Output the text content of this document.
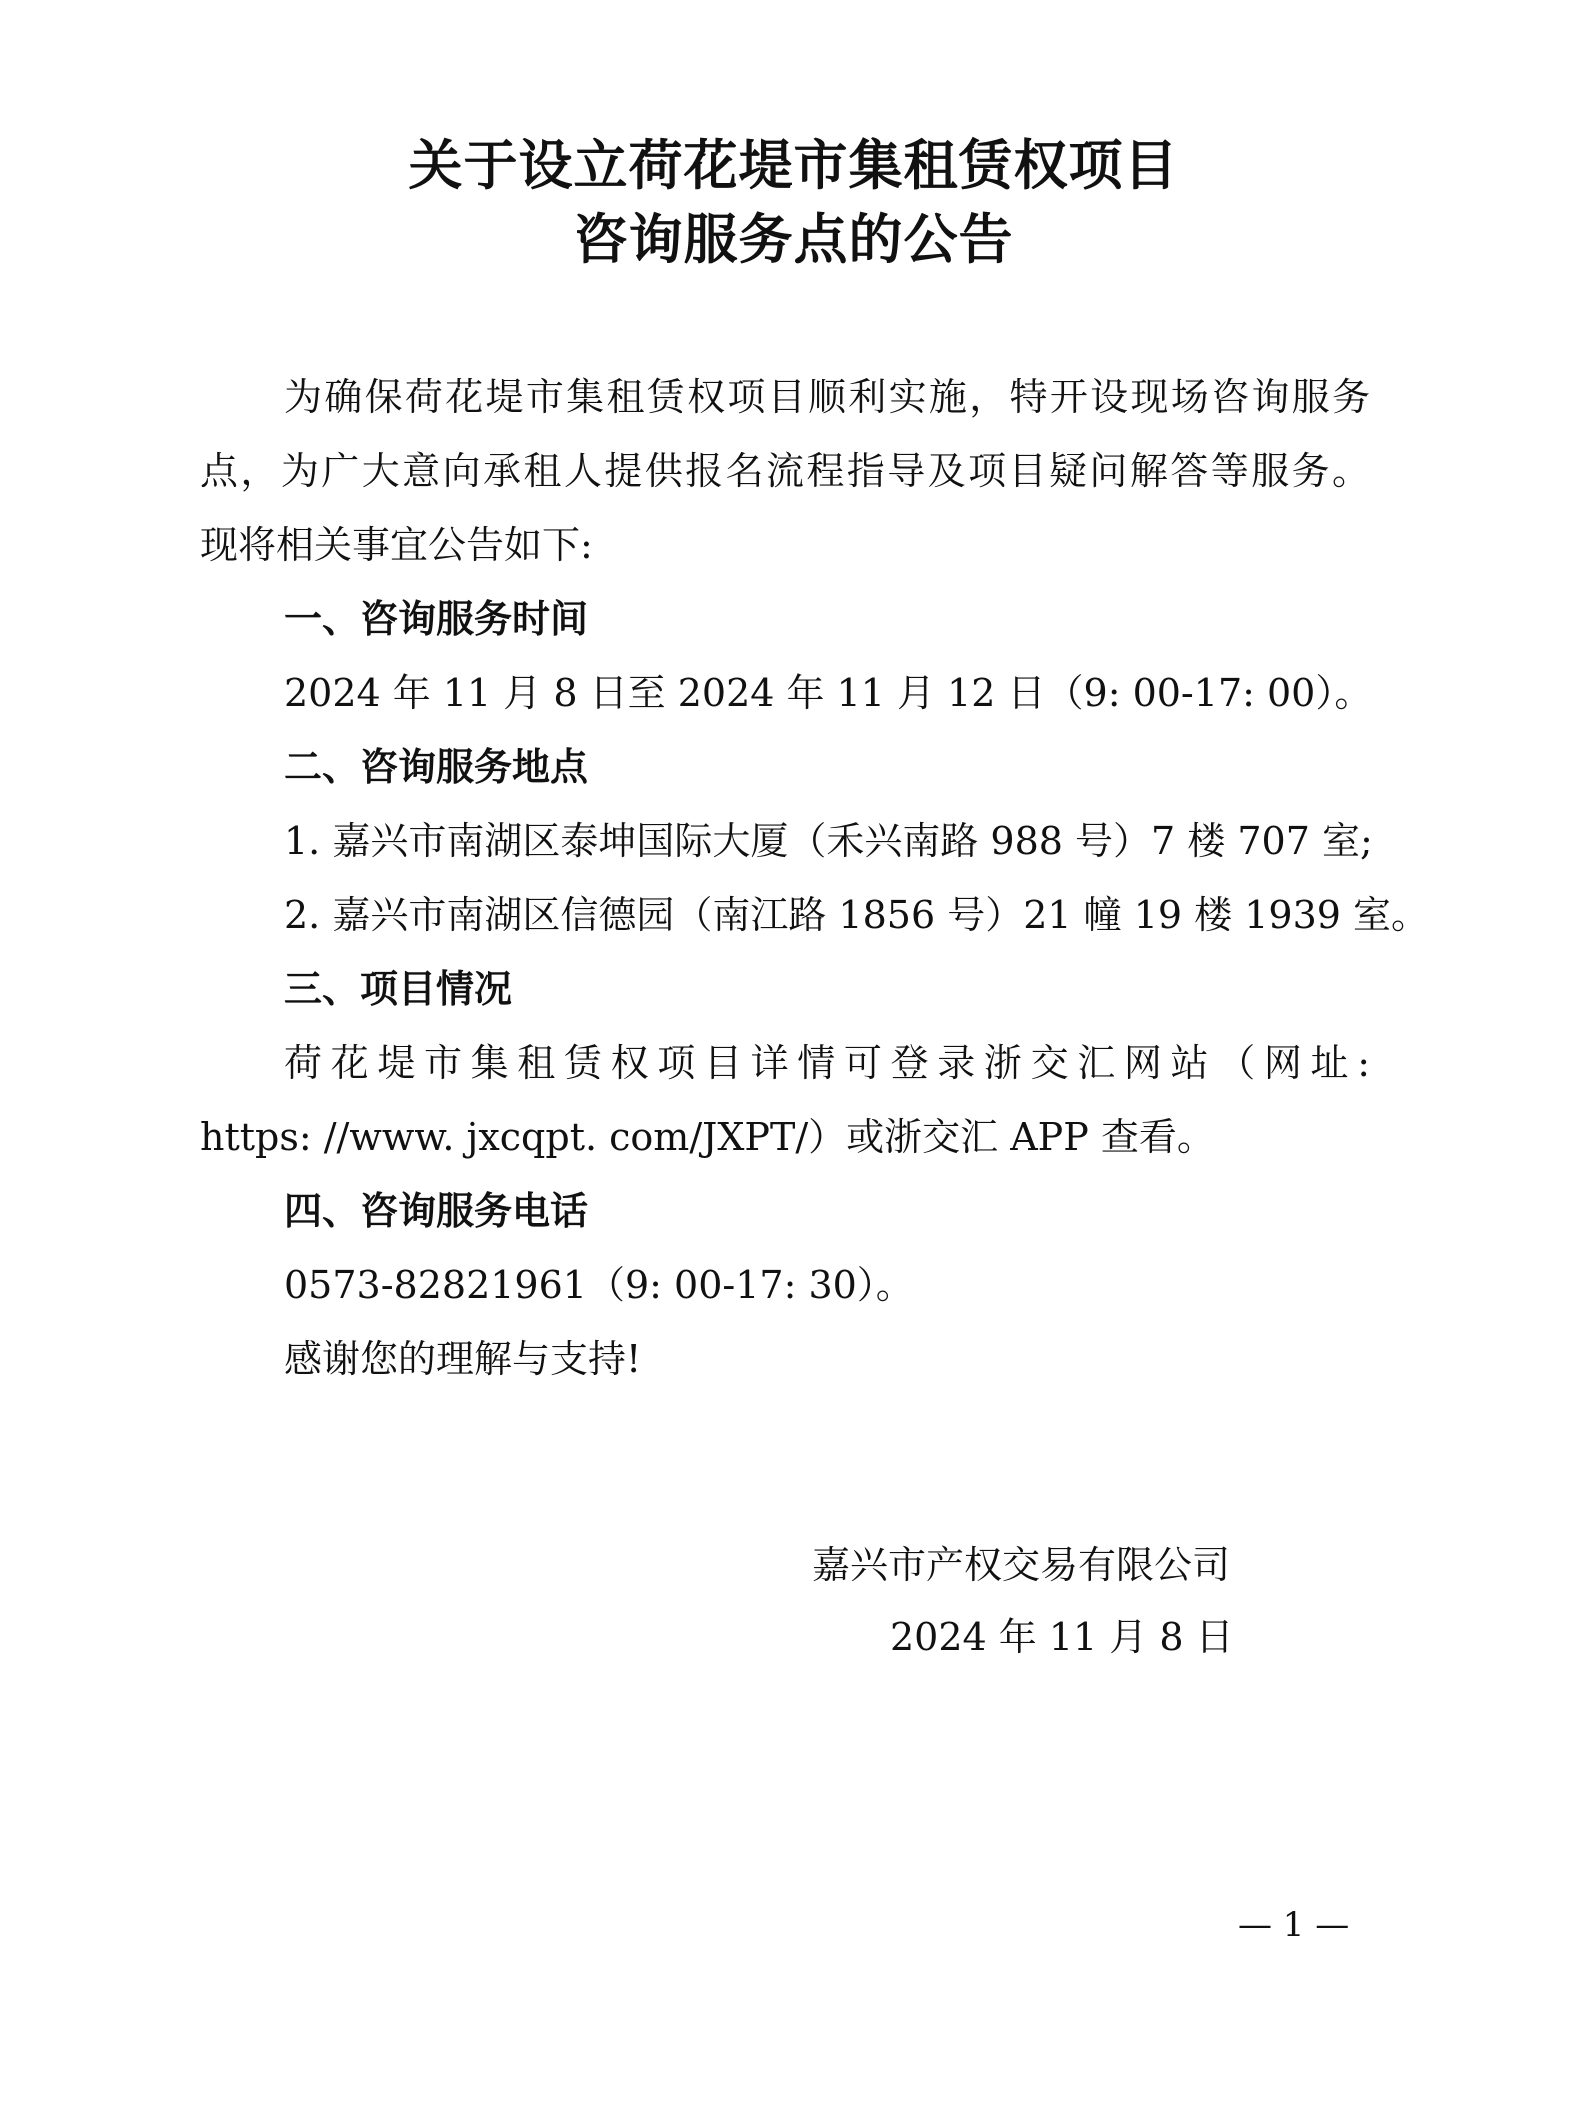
关于设立荷花堤市集租赁权项目
咨询服务点的公告
为确保荷花堤市集租赁权项目顺利实施，特开设现场咨询服务
点，为广大意向承租人提供报名流程指导及项目疑问解答等服务。
现将相关事宜公告如下:
一、咨询服务时间
2024 年 11 月 8 日至 2024 年 11 月 12 日（9: 00-17: 00）。
二、咨询服务地点
1. 嘉兴市南湖区泰坤国际大厦（禾兴南路 988 号）7 楼 707 室;
2. 嘉兴市南湖区信德园（南江路 1856 号）21 幢 19 楼 1939 室。
三、项目情况
荷花堤市集租赁权项目详情可登录浙交汇网站（网址:
https: //www. jxcqpt. com/JXPT/）或浙交汇 APP 查看。
四、咨询服务电话
0573-82821961（9: 00-17: 30）。
感谢您的理解与支持!
嘉兴市产权交易有限公司
2024 年 11 月 8 日
— 1 —
